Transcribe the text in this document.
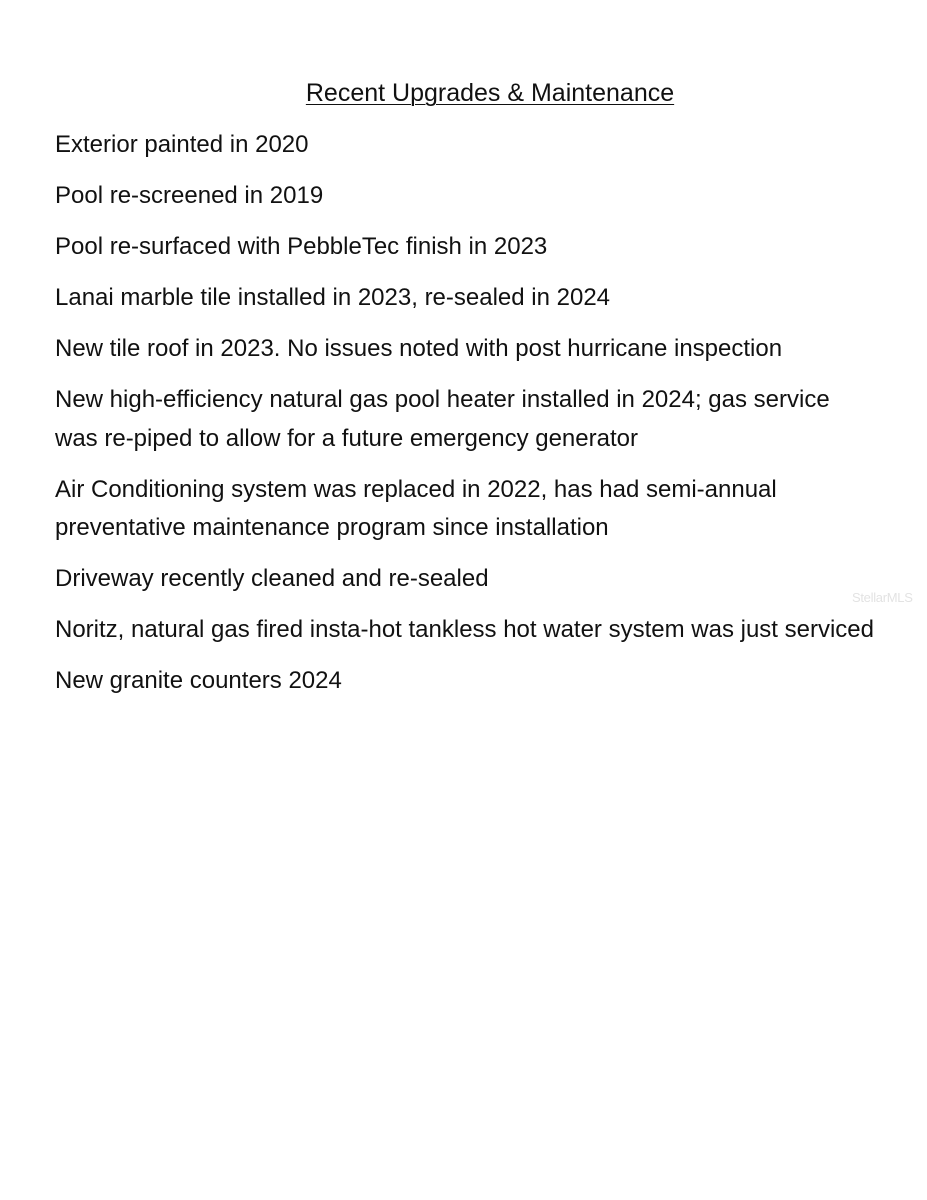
Recent Upgrades & Maintenance
Exterior painted in 2020
Pool re-screened in 2019
Pool re-surfaced with PebbleTec finish in 2023
Lanai marble tile installed in 2023, re-sealed in 2024
New tile roof in 2023. No issues noted with post hurricane inspection
New high-efficiency natural gas pool heater installed in 2024; gas service was re-piped to allow for a future emergency generator
Air Conditioning system was replaced in 2022, has had semi-annual preventative maintenance program since installation
Driveway recently cleaned and re-sealed
Noritz, natural gas fired insta-hot tankless hot water system was just serviced
New granite counters 2024
StellarMLS
